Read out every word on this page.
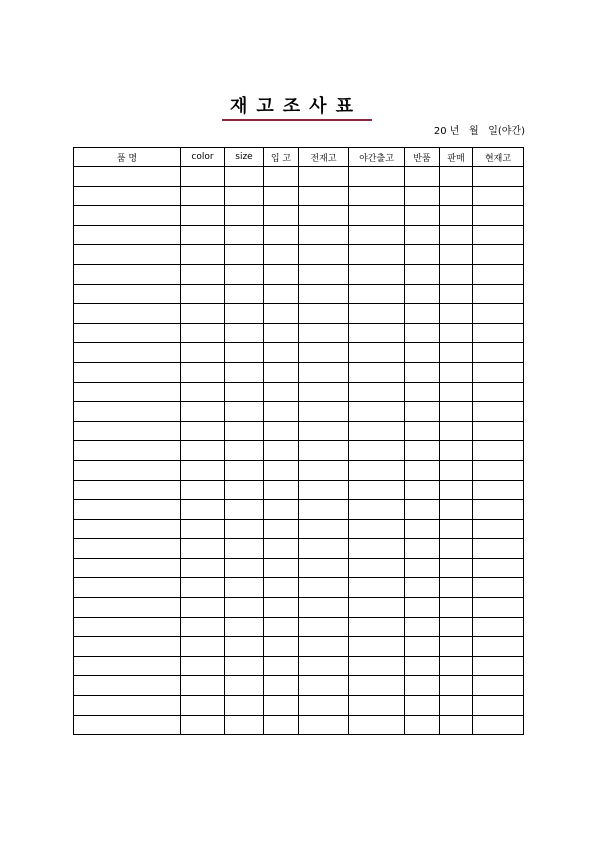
재고조사표
20 년   월   일(야간)
품 명	color	size	입 고	전재고	야간출고	반품	판매	현재고
